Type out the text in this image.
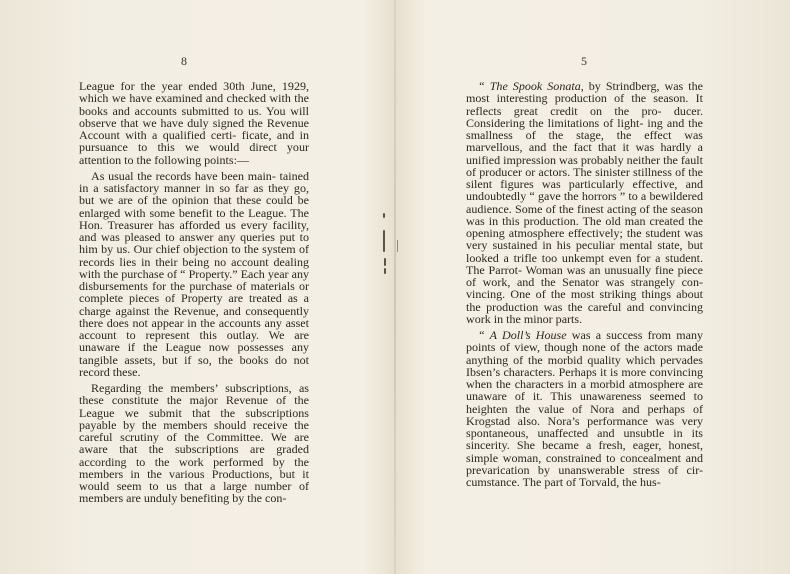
8

League for the year ended 30th June, 1929, which we have examined and checked with the books and accounts submitted to us. You will observe that we have duly signed the Revenue Account with a qualified certi- ficate, and in pursuance to this we would direct your attention to the following points:—

As usual the records have been main- tained in a satisfactory manner in so far as they go, but we are of the opinion that these could be enlarged with some benefit to the League. The Hon. Treasurer has afforded us every facility, and was pleased to answer any queries put to him by us. Our chief objection to the system of records lies in their being no account dealing with the purchase of “ Property.” Each year any disbursements for the purchase of materials or complete pieces of Property are treated as a charge against the Revenue, and consequently there does not appear in the accounts any asset account to represent this outlay. We are unaware if the League now possesses any tangible assets, but if so, the books do not record these.

Regarding the members’ subscriptions, as these constitute the major Revenue of the League we submit that the subscriptions payable by the members should receive the careful scrutiny of the Committee. We are aware that the subscriptions are graded according to the work performed by the members in the various Productions, but it would seem to us that a large number of members are unduly benefiting by the con-

5

“ The Spook Sonata, by Strindberg, was the most interesting production of the season. It reflects great credit on the pro- ducer. Considering the limitations of light- ing and the smallness of the stage, the effect was marvellous, and the fact that it was hardly a unified impression was probably neither the fault of producer or actors. The sinister stillness of the silent figures was particularly effective, and undoubtedly “ gave the horrors ” to a bewildered audience. Some of the finest acting of the season was in this production. The old man created the opening atmosphere effectively; the student was very sustained in his peculiar mental state, but looked a trifle too unkempt even for a student. The Parrot- Woman was an unusually fine piece of work, and the Senator was strangely con- vincing. One of the most striking things about the production was the careful and convincing work in the minor parts.

“ A Doll’s House was a success from many points of view, though none of the actors made anything of the morbid quality which pervades Ibsen’s characters. Perhaps it is more convincing when the characters in a morbid atmosphere are unaware of it. This unawareness seemed to heighten the value of Nora and perhaps of Krogstad also. Nora’s performance was very spontaneous, unaffected and unsubtle in its sincerity. She became a fresh, eager, honest, simple woman, constrained to concealment and prevarication by unanswerable stress of cir- cumstance. The part of Torvald, the hus-
